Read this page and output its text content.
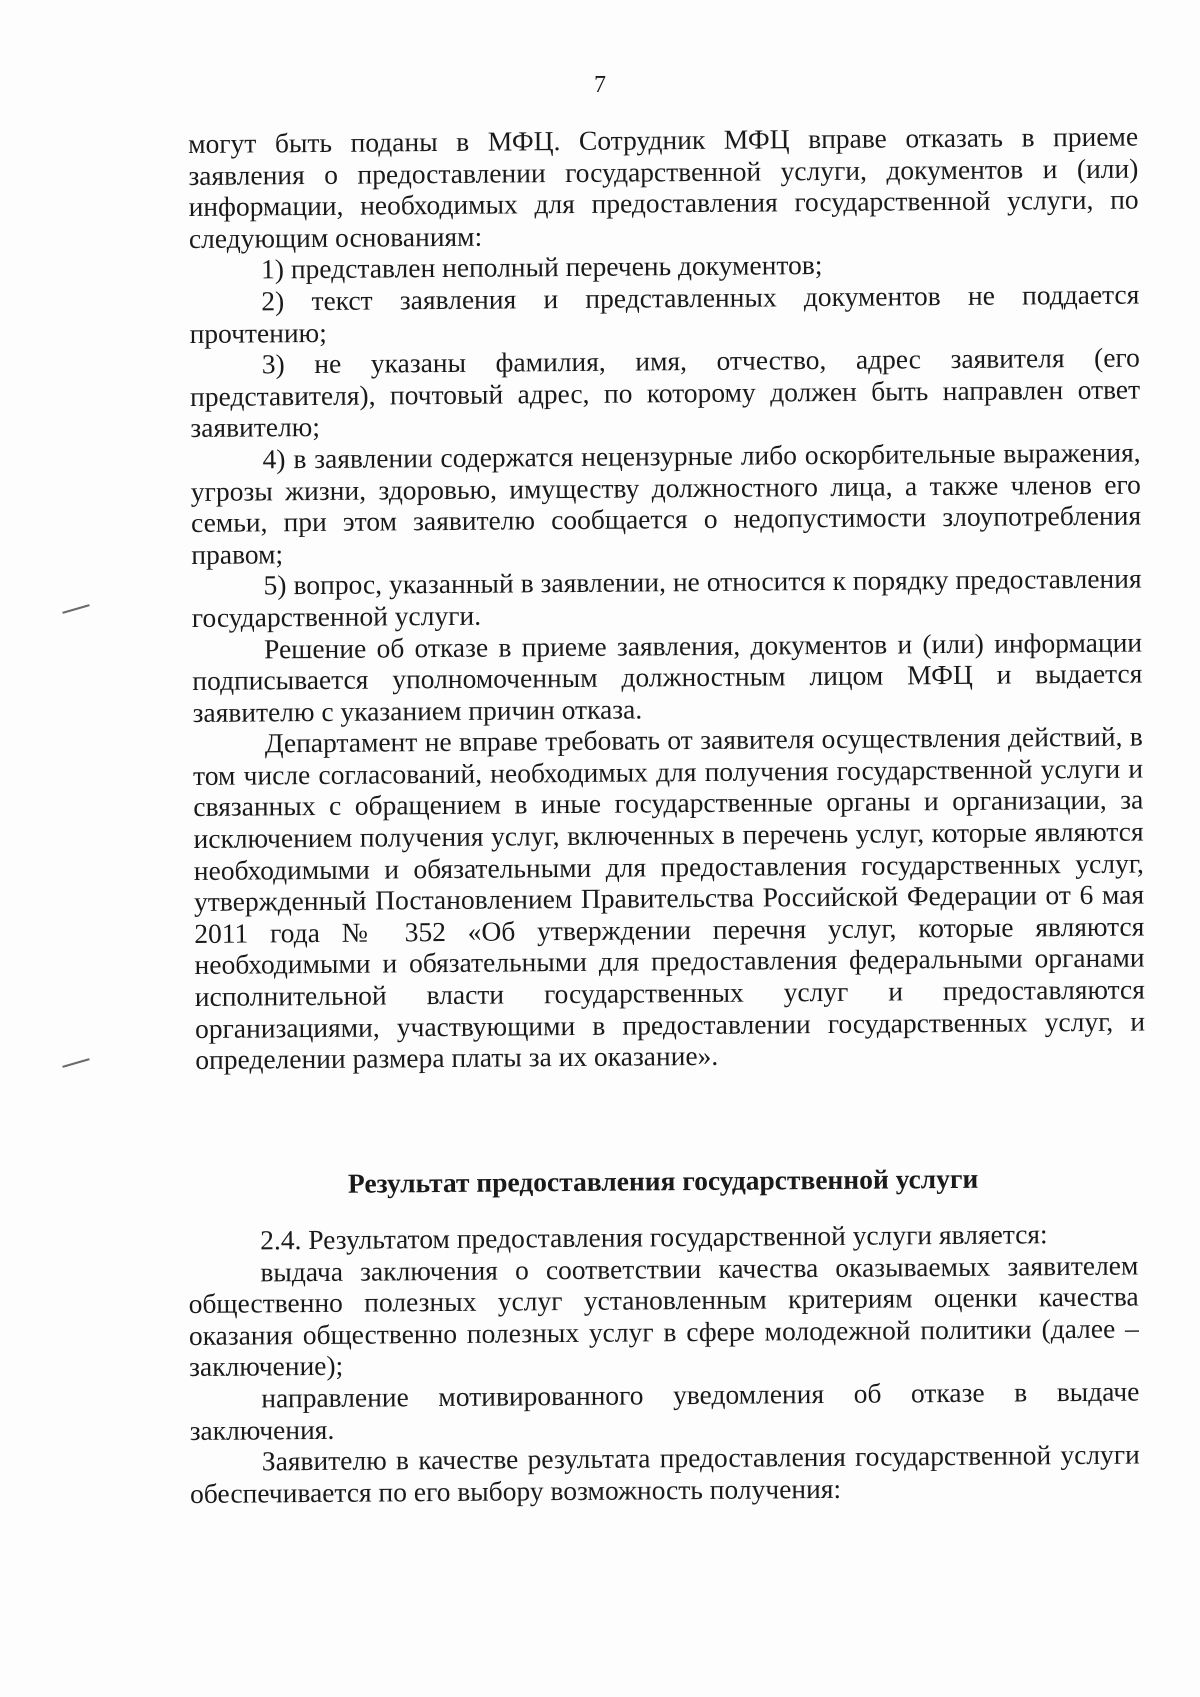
7

могут быть поданы в МФЦ. Сотрудник МФЦ вправе отказать в приеме заявления о предоставлении государственной услуги, документов и (или) информации, необходимых для предоставления государственной услуги, по следующим основаниям:

1) представлен неполный перечень документов;

2) текст заявления и представленных документов не поддается прочтению;

3) не указаны фамилия, имя, отчество, адрес заявителя (его представителя), почтовый адрес, по которому должен быть направлен ответ заявителю;

4) в заявлении содержатся нецензурные либо оскорбительные выражения, угрозы жизни, здоровью, имуществу должностного лица, а также членов его семьи, при этом заявителю сообщается о недопустимости злоупотребления правом;

5) вопрос, указанный в заявлении, не относится к порядку предоставления государственной услуги.

Решение об отказе в приеме заявления, документов и (или) информации подписывается уполномоченным должностным лицом МФЦ и выдается заявителю с указанием причин отказа.

Департамент не вправе требовать от заявителя осуществления действий, в том числе согласований, необходимых для получения государственной услуги и связанных с обращением в иные государственные органы и организации, за исключением получения услуг, включенных в перечень услуг, которые являются необходимыми и обязательными для предоставления государственных услуг, утвержденный Постановлением Правительства Российской Федерации от 6 мая 2011 года № 352 «Об утверждении перечня услуг, которые являются необходимыми и обязательными для предоставления федеральными органами исполнительной власти государственных услуг и предоставляются организациями, участвующими в предоставлении государственных услуг, и определении размера платы за их оказание».

Результат предоставления государственной услуги

2.4. Результатом предоставления государственной услуги является:

выдача заключения о соответствии качества оказываемых заявителем общественно полезных услуг установленным критериям оценки качества оказания общественно полезных услуг в сфере молодежной политики (далее – заключение);

направление мотивированного уведомления об отказе в выдаче заключения.

Заявителю в качестве результата предоставления государственной услуги обеспечивается по его выбору возможность получения:
